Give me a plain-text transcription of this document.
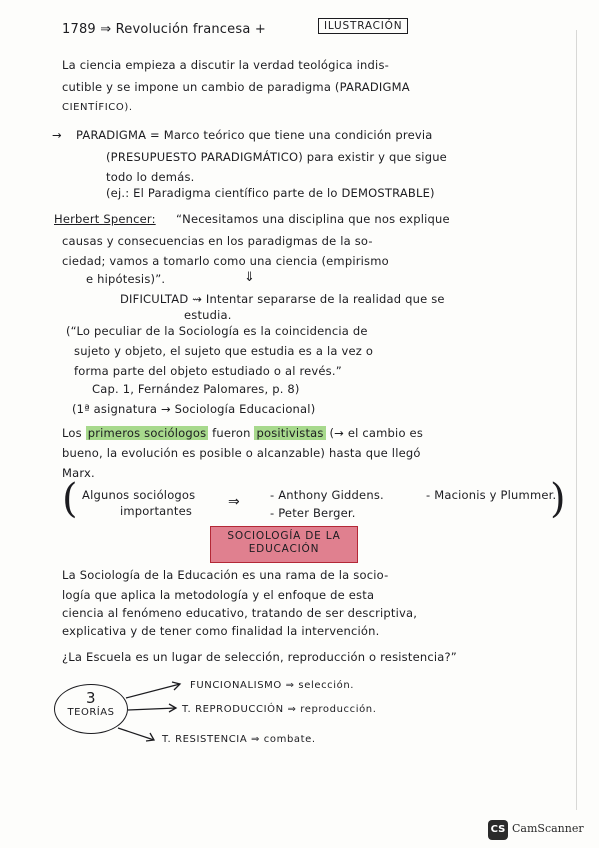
1789 ⇒ Revolución francesa +	ILUSTRACIÓN
La ciencia empieza a discutir la verdad teológica indis-
cutible y se impone un cambio de paradigma (PARADIGMA
CIENTÍFICO).
→ PARADIGMA = Marco teórico que tiene una condición previa
(PRESUPUESTO PARADIGMÁTICO) para existir y que sigue
todo lo demás.
(ej.: El Paradigma científico parte de lo DEMOSTRABLE)
Herbert Spencer: “Necesitamos una disciplina que nos explique
causas y consecuencias en los paradigmas de la so-
ciedad; vamos a tomarlo como una ciencia (empirismo
e hipótesis)”.	⇓
DIFICULTAD ⇝ Intentar separarse de la realidad que se
estudia.
(“Lo peculiar de la Sociología es la coincidencia de
sujeto y objeto, el sujeto que estudia es a la vez o
forma parte del objeto estudiado o al revés.”
Cap. 1, Fernández Palomares, p. 8)
(1ª asignatura → Sociología Educacional)
Los primeros sociólogos fueron positivistas (→ el cambio es
bueno, la evolución es posible o alcanzable) hasta que llegó
Marx.
( Algunos sociólogos
importantes
⇒	- Anthony Giddens.
- Peter Berger.
- Macionis y Plummer.
)
SOCIOLOGÍA DE LA
EDUCACIÓN
La Sociología de la Educación es una rama de la socio-
logía que aplica la metodología y el enfoque de esta
ciencia al fenómeno educativo, tratando de ser descriptiva,
explicativa y de tener como finalidad la intervención.
¿La Escuela es un lugar de selección, reproducción o resistencia?”
3
TEORÍAS
FUNCIONALISMO ⇒ selección.
T. REPRODUCCIÓN ⇒ reproducción.
T. RESISTENCIA ⇒ combate.
CS CamScanner
